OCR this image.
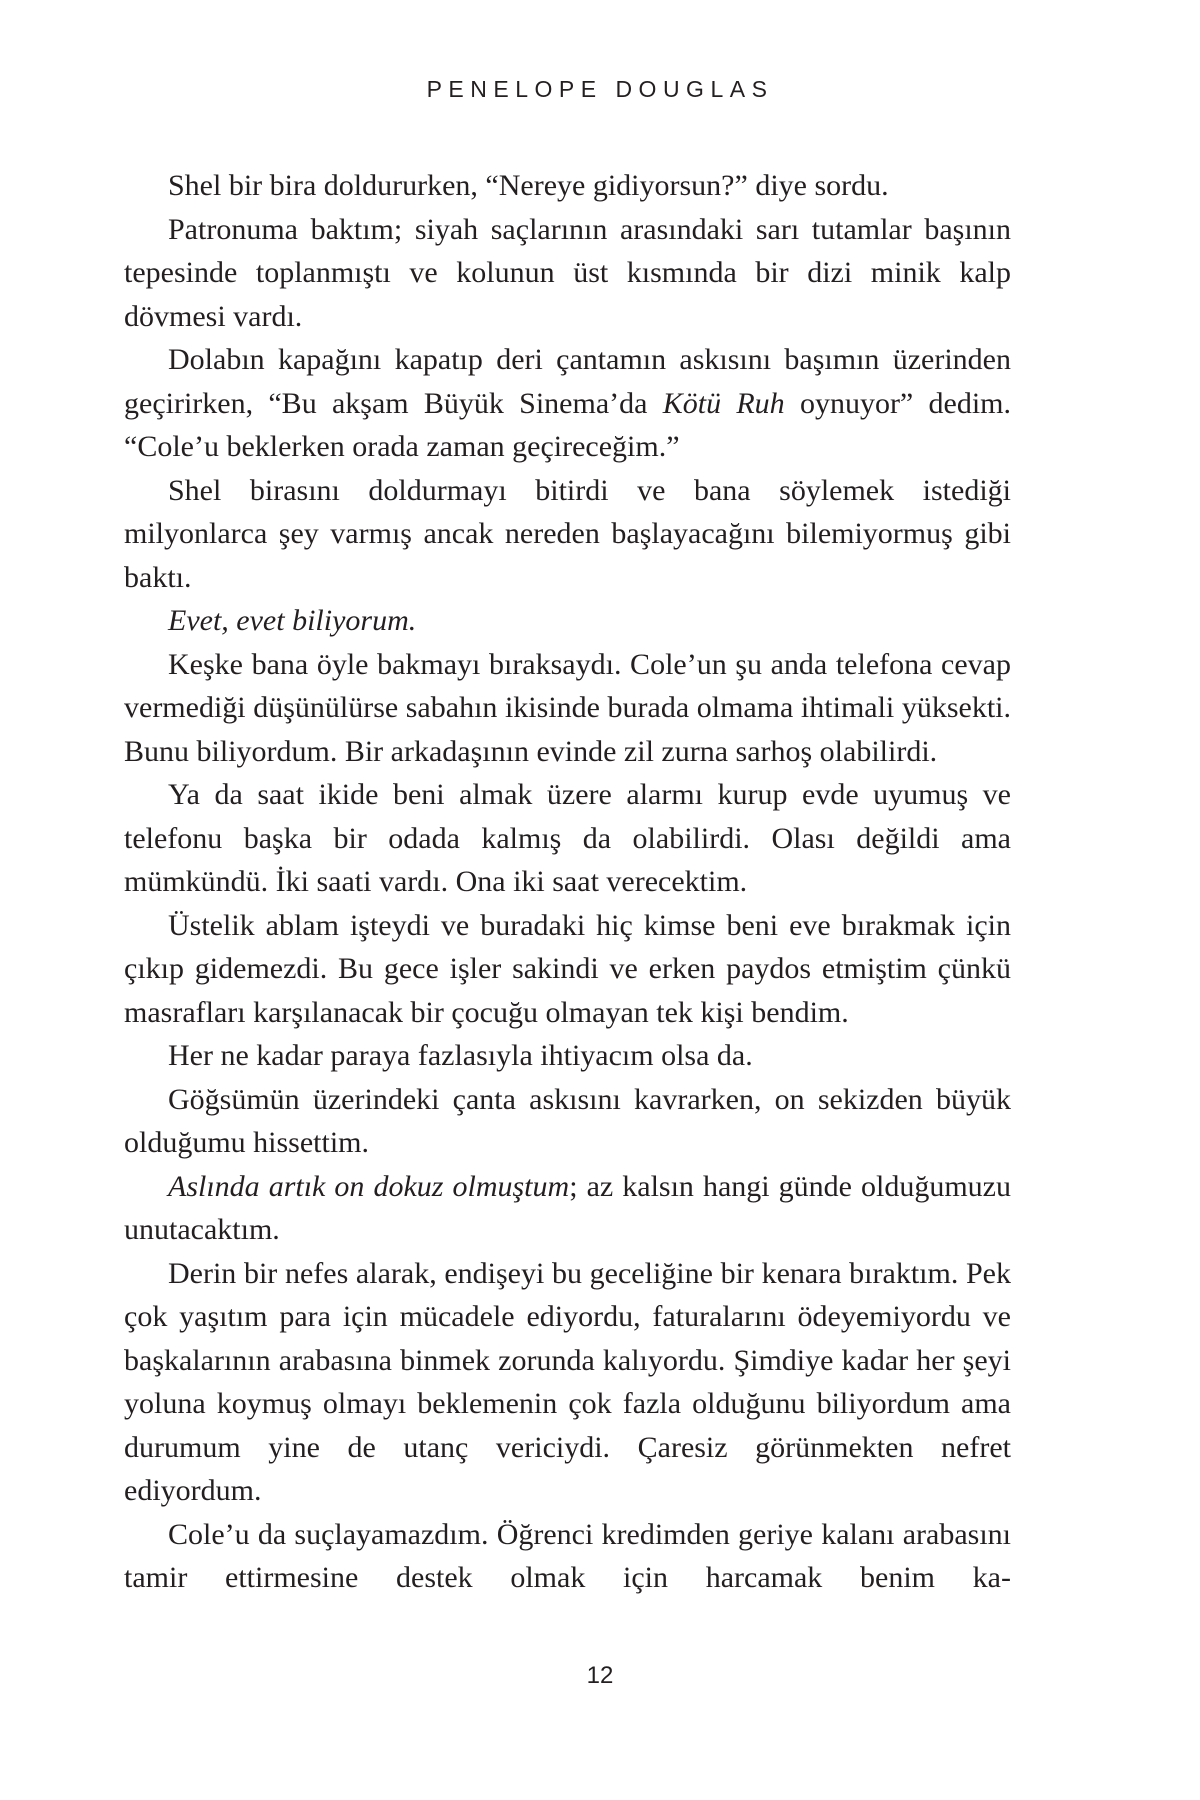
PENELOPE DOUGLAS

Shel bir bira doldururken, “Nereye gidiyorsun?” diye sordu.

Patronuma baktım; siyah saçlarının arasındaki sarı tutamlar başının tepesinde toplanmıştı ve kolunun üst kısmında bir dizi minik kalp dövmesi vardı.

Dolabın kapağını kapatıp deri çantamın askısını başımın üzerinden geçirirken, “Bu akşam Büyük Sinema’da Kötü Ruh oynuyor” dedim. “Cole’u beklerken orada zaman geçireceğim.”

Shel birasını doldurmayı bitirdi ve bana söylemek istediği milyonlarca şey varmış ancak nereden başlayacağını bilemiyormuş gibi baktı.

Evet, evet biliyorum.

Keşke bana öyle bakmayı bıraksaydı. Cole’un şu anda telefona cevap vermediği düşünülürse sabahın ikisinde burada olmama ihtimali yüksekti. Bunu biliyordum. Bir arkadaşının evinde zil zurna sarhoş olabilirdi.

Ya da saat ikide beni almak üzere alarmı kurup evde uyumuş ve telefonu başka bir odada kalmış da olabilirdi. Olası değildi ama mümkündü. İki saati vardı. Ona iki saat verecektim.

Üstelik ablam işteydi ve buradaki hiç kimse beni eve bırakmak için çıkıp gidemezdi. Bu gece işler sakindi ve erken paydos etmiştim çünkü masrafları karşılanacak bir çocuğu olmayan tek kişi bendim.

Her ne kadar paraya fazlasıyla ihtiyacım olsa da.

Göğsümün üzerindeki çanta askısını kavrarken, on sekizden büyük olduğumu hissettim.

Aslında artık on dokuz olmuştum; az kalsın hangi günde olduğumuzu unutacaktım.

Derin bir nefes alarak, endişeyi bu geceliğine bir kenara bıraktım. Pek çok yaşıtım para için mücadele ediyordu, faturalarını ödeyemiyordu ve başkalarının arabasına binmek zorunda kalıyordu. Şimdiye kadar her şeyi yoluna koymuş olmayı beklemenin çok fazla olduğunu biliyordum ama durumum yine de utanç vericiydi. Çaresiz görünmekten nefret ediyordum.

Cole’u da suçlayamazdım. Öğrenci kredimden geriye kalanı arabasını tamir ettirmesine destek olmak için harcamak benim ka-

12
